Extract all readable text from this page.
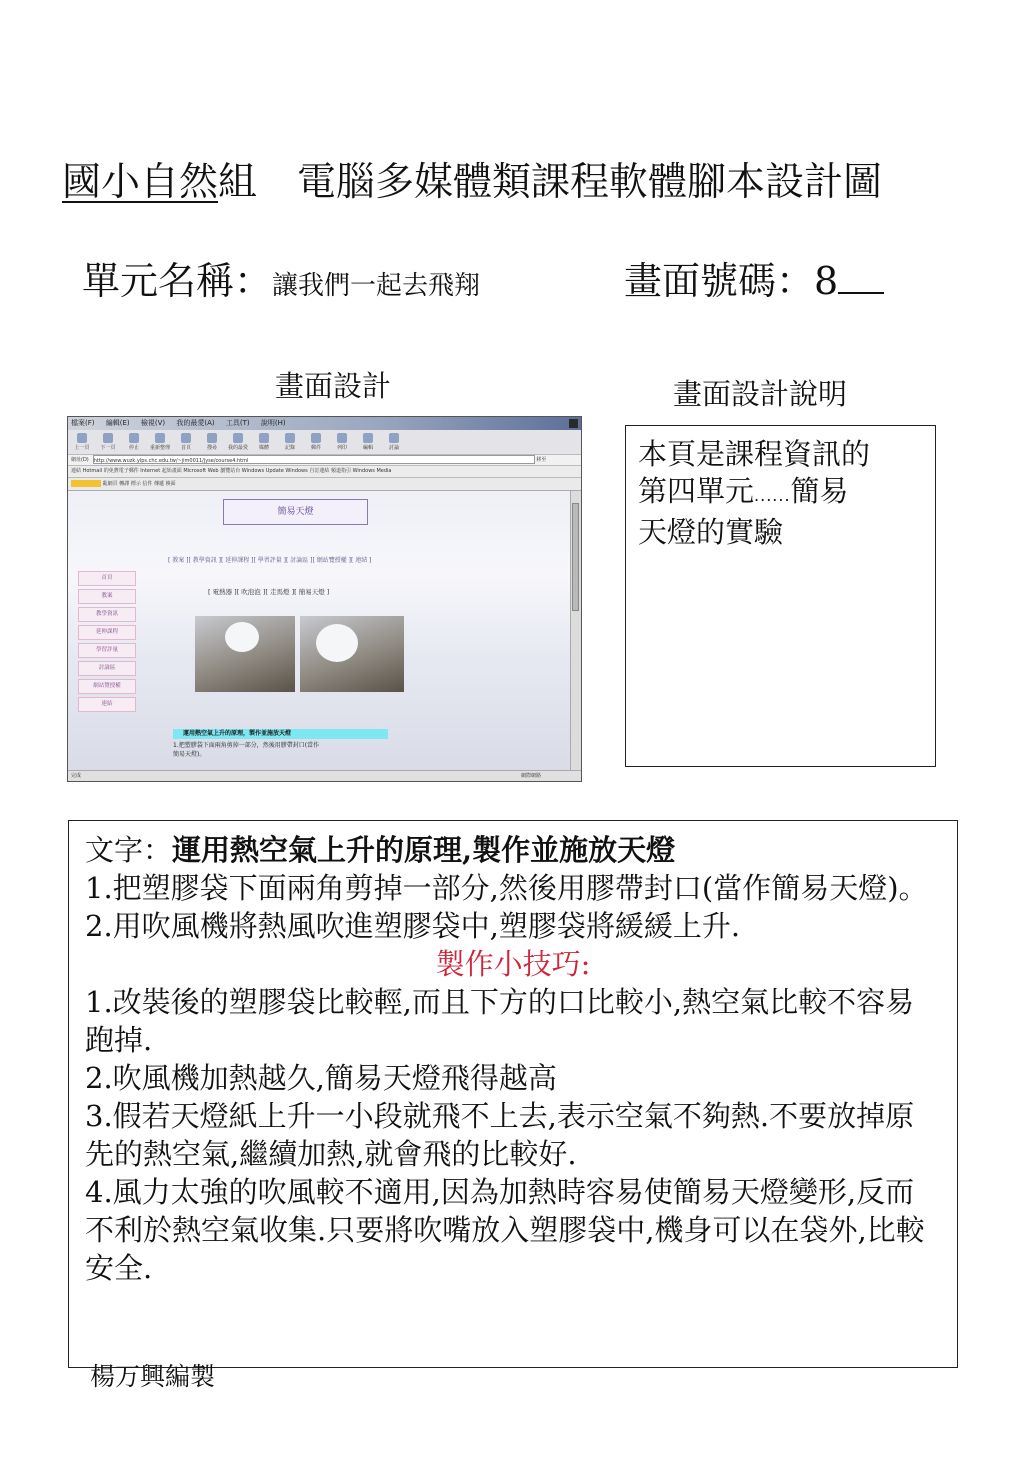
國小自然組 電腦多媒體類課程軟體腳本設計圖
單元名稱：讓我們一起去飛翔	畫面號碼：8
畫面設計	畫面設計說明
檔案(F) 編輯(E) 檢視(V) 我的最愛(A) 工具(T) 說明(H)
上一頁 下一頁	停止 重新整理 首頁	搜尋 我的最愛 媒體	記錄	郵件	列印	編輯	討論
網址(D) http://www.wuzk.ylps.chc.edu.tw/~jim0011/jyse/course4.html	移至
連結 Hotmail 的免費電子郵件 Internet 起始畫面 Microsoft Web 瀏覽站台 Windows Update Windows 自訂連結 頻道指引 Windows Media
亂網頁 轉譯 標示 信件 傳遞 換面
簡易天燈
[ 教案 ][ 教學資訊 ][ 延伸課程 ][ 學習評量 ][ 討論區 ][ 網站覽授權 ][ 連結 ]
[ 電熱器 ][ 吹泡泡 ][ 走馬燈 ][ 簡易天燈 ]
首頁
教案
教學資訊
延伸課程
學習評量
討論區
網站覽授權
連結
運用熱空氣上升的原理，製作並施放天燈
1.把塑膠袋下面兩角剪掉一部分，然後用膠帶封口(當作
簡易天燈)。
完成	網際網路
本頁是課程資訊的
第四單元......簡易
天燈的實驗

文字：運用熱空氣上升的原理,製作並施放天燈

1.把塑膠袋下面兩角剪掉一部分,然後用膠帶封口(當作簡易天燈)。

2.用吹風機將熱風吹進塑膠袋中,塑膠袋將緩緩上升.

製作小技巧:

1.改裝後的塑膠袋比較輕,而且下方的口比較小,熱空氣比較不容易跑掉.

2.吹風機加熱越久,簡易天燈飛得越高

3.假若天燈紙上升一小段就飛不上去,表示空氣不夠熱.不要放掉原先的熱空氣,繼續加熱,就會飛的比較好.

4.風力太強的吹風較不適用,因為加熱時容易使簡易天燈變形,反而不利於熱空氣收集.只要將吹嘴放入塑膠袋中,機身可以在袋外,比較安全.

楊万興編製
